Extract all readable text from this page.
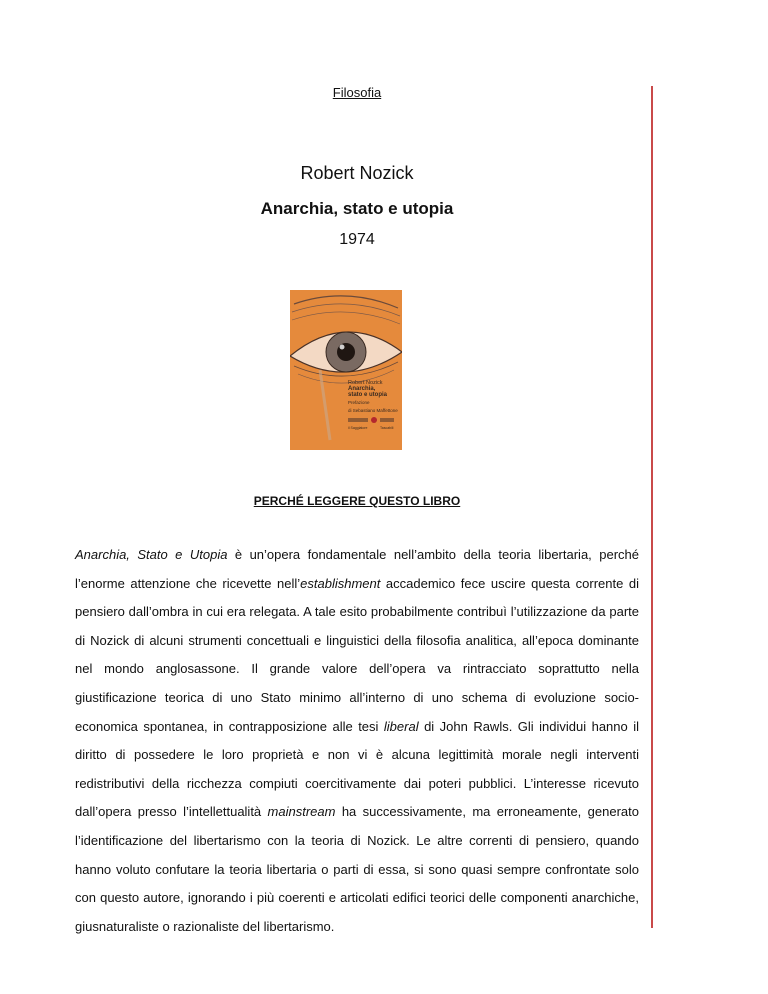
Filosofia
Robert Nozick
Anarchia, stato e utopia
1974
Robert Nozick
Anarchia,
stato e utopia
Prefazione
di Sebastiano Maffettone
il Saggiatore	Tascabili
PERCHÉ LEGGERE QUESTO LIBRO
Anarchia, Stato e Utopia è un’opera fondamentale nell’ambito della teoria libertaria, perché l’enorme attenzione che ricevette nell’establishment accademico fece uscire questa corrente di pensiero dall’ombra in cui era relegata. A tale esito probabilmente contribuì l’utilizzazione da parte di Nozick di alcuni strumenti concettuali e linguistici della filosofia analitica, all’epoca dominante nel mondo anglosassone. Il grande valore dell’opera va rintracciato soprattutto nella giustificazione teorica di uno Stato minimo all’interno di uno schema di evoluzione socio-economica spontanea, in contrapposizione alle tesi liberal di John Rawls. Gli individui hanno il diritto di possedere le loro proprietà e non vi è alcuna legittimità morale negli interventi redistributivi della ricchezza compiuti coercitivamente dai poteri pubblici. L’interesse ricevuto dall’opera presso l’intellettualità mainstream ha successivamente, ma erroneamente, generato l’identificazione del libertarismo con la teoria di Nozick. Le altre correnti di pensiero, quando hanno voluto confutare la teoria libertaria o parti di essa, si sono quasi sempre confrontate solo con questo autore, ignorando i più coerenti e articolati edifici teorici delle componenti anarchiche, giusnaturaliste o razionaliste del libertarismo.
